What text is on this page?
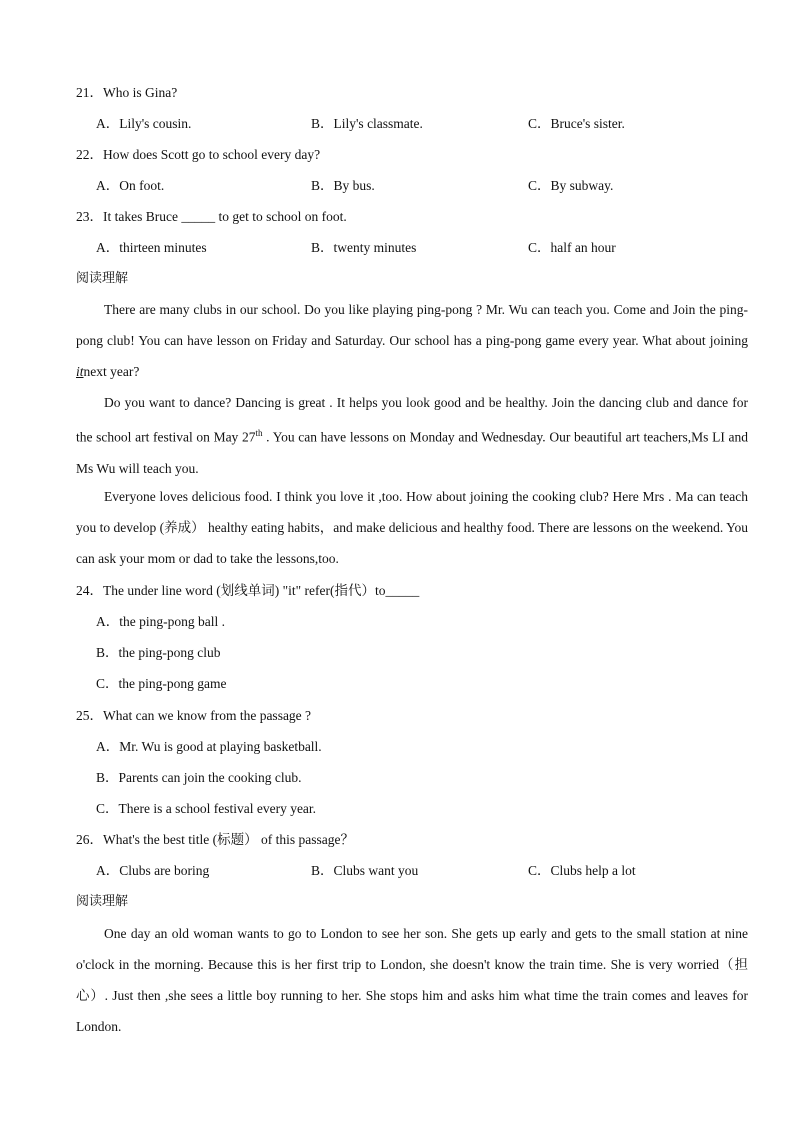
21．Who is Gina?
A．Lily's cousin.	B．Lily's classmate.	C．Bruce's sister.
22．How does Scott go to school every day?
A．On foot.	B．By bus.	C．By subway.
23．It takes Bruce _____ to get to school on foot.
A．thirteen minutes	B．twenty minutes	C．half an hour
阅读理解
There are many clubs in our school. Do you like playing ping-pong ? Mr. Wu can teach you. Come and Join the ping-pong club! You can have lesson on Friday and Saturday. Our school has a ping-pong game every year. What about joining itnext year?
Do you want to dance? Dancing is great . It helps you look good and be healthy. Join the dancing club and dance for the school art festival on May 27th . You can have lessons on Monday and Wednesday. Our beautiful art teachers,Ms LI and Ms Wu will teach you.
Everyone loves delicious food. I think you love it ,too. How about joining the cooking club? Here Mrs . Ma can teach you to develop (养成） healthy eating habits，and make delicious and healthy food. There are lessons on the weekend. You can ask your mom or dad to take the lessons,too.
24．The under line word (划线单词) "it" refer(指代）to_____
A．the ping-pong ball .
B．the ping-pong club
C．the ping-pong game
25．What can we know from the passage ?
A．Mr. Wu is good at playing basketball.
B．Parents can join the cooking club.
C．There is a school festival every year.
26．What's the best title (标题） of this passage？
A．Clubs are boring	B．Clubs want you	C．Clubs help a lot
阅读理解
One day an old woman wants to go to London to see her son. She gets up early and gets to the small station at nine o'clock in the morning. Because this is her first trip to London, she doesn't know the train time. She is very worried（担心）. Just then ,she sees a little boy running to her. She stops him and asks him what time the train comes and leaves for London.
